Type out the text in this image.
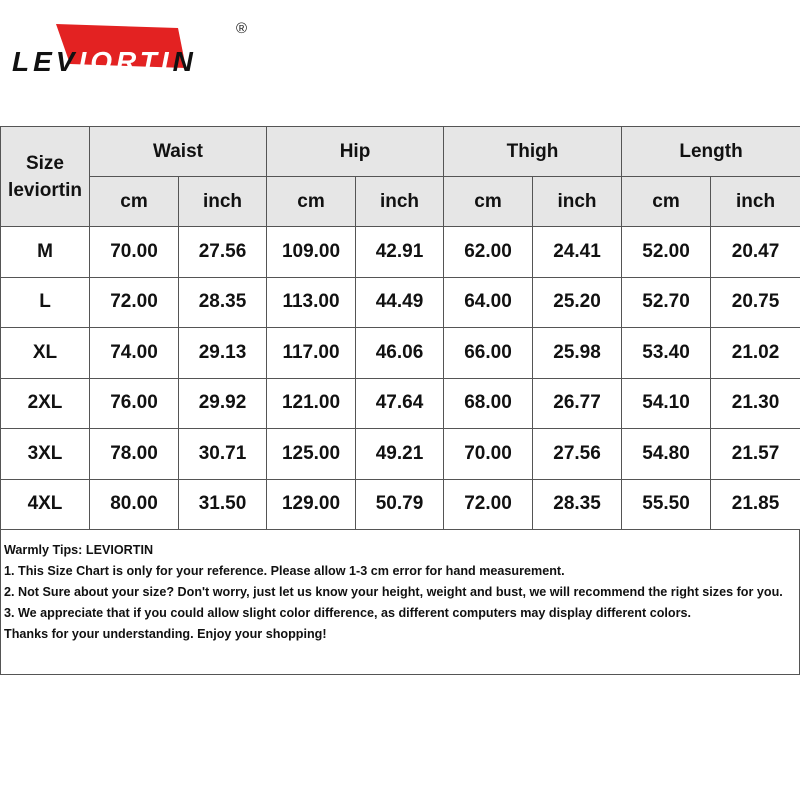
LEVIORTIN
®
Size
leviortin	Waist		Hip		Thigh		Length	
	cm	inch	cm	inch	cm	inch	cm	inch
M	70.00	27.56	109.00	42.91	62.00	24.41	52.00	20.47
L	72.00	28.35	113.00	44.49	64.00	25.20	52.70	20.75
XL	74.00	29.13	117.00	46.06	66.00	25.98	53.40	21.02
2XL	76.00	29.92	121.00	47.64	68.00	26.77	54.10	21.30
3XL	78.00	30.71	125.00	49.21	70.00	27.56	54.80	21.57
4XL	80.00	31.50	129.00	50.79	72.00	28.35	55.50	21.85
Warmly Tips: LEVIORTIN
1. This Size Chart is only for your reference. Please allow 1-3 cm error for hand measurement.
2. Not Sure about your size? Don't worry, just let us know your height, weight and bust, we will recommend the right sizes for you.
3. We appreciate that if you could allow slight color difference, as different computers may display different colors.
Thanks for your understanding. Enjoy your shopping!
